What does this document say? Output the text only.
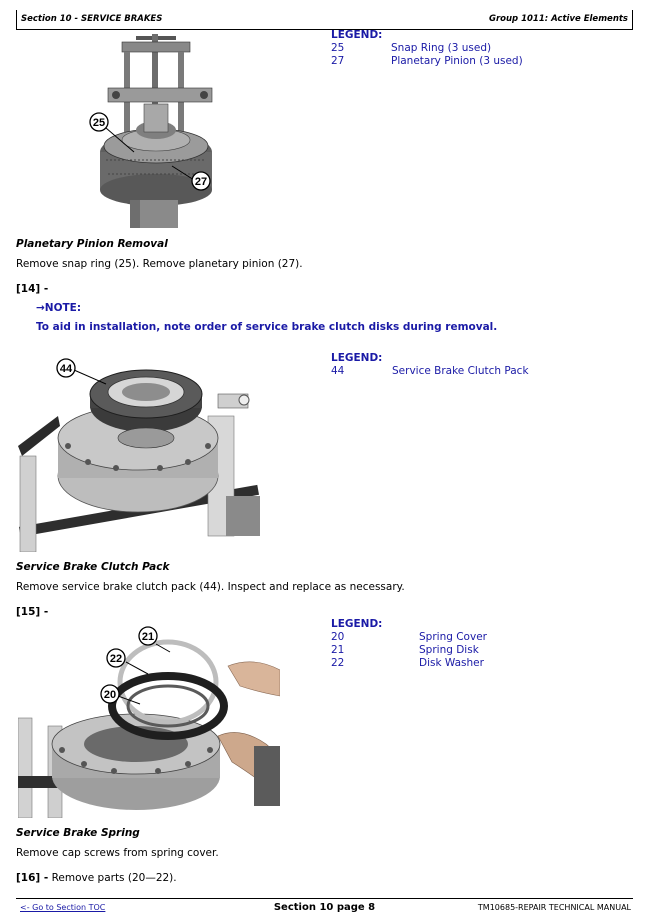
Section 10 - SERVICE BRAKES	Group 1011: Active Elements
25
27
LEGEND:
25	Snap Ring (3 used)
27	Planetary Pinion (3 used)
Planetary Pinion Removal
Remove snap ring (25). Remove planetary pinion (27).
[14] -
→NOTE:
To aid in installation, note order of service brake clutch disks during removal.
44
LEGEND:
44	Service Brake Clutch Pack
Service Brake Clutch Pack
Remove service brake clutch pack (44). Inspect and replace as necessary.
[15] -
21
22
20
LEGEND:
20	Spring Cover
21	Spring Disk
22	Disk Washer
Service Brake Spring
Remove cap screws from spring cover.
[16] - Remove parts (20—22).
<- Go to Section TOC	Section 10 page 8	TM10685-REPAIR TECHNICAL MANUAL
